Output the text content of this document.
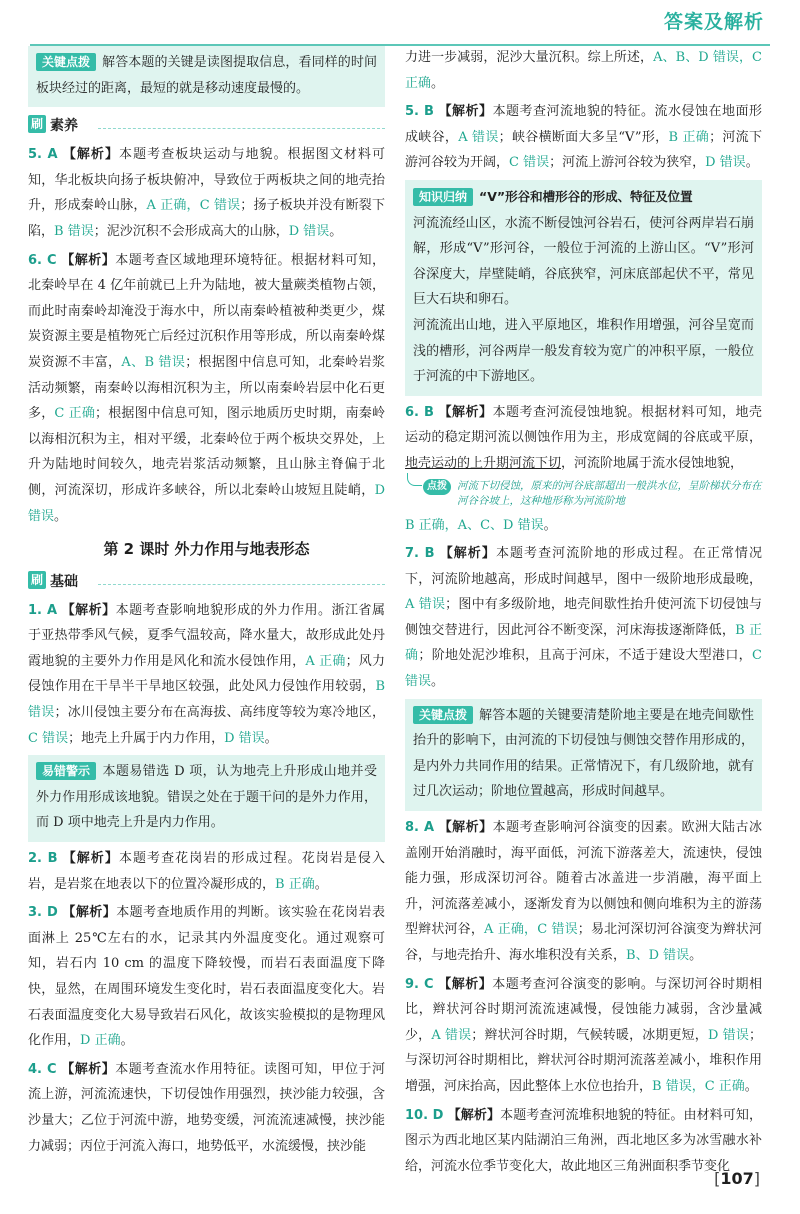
答案及解析

关键点拨 解答本题的关键是读图提取信息，看同样的时间板块经过的距离，最短的就是移动速度最慢的。

刷 素养

5. A 【解析】本题考查板块运动与地貌。根据图文材料可知，华北板块向扬子板块俯冲，导致位于两板块之间的地壳抬升，形成秦岭山脉，A 正确，C 错误；扬子板块并没有断裂下陷，B 错误；泥沙沉积不会形成高大的山脉，D 错误。

6. C 【解析】本题考查区域地理环境特征。根据材料可知，北秦岭早在 4 亿年前就已上升为陆地，被大量蕨类植物占领，而此时南秦岭却淹没于海水中，所以南秦岭植被种类更少，煤炭资源主要是植物死亡后经过沉积作用等形成，所以南秦岭煤炭资源不丰富，A、B 错误；根据图中信息可知，北秦岭岩浆活动频繁，南秦岭以海相沉积为主，所以南秦岭岩层中化石更多，C 正确；根据图中信息可知，图示地质历史时期，南秦岭以海相沉积为主，相对平缓，北秦岭位于两个板块交界处，上升为陆地时间较久，地壳岩浆活动频繁，且山脉主脊偏于北侧，河流深切，形成许多峡谷，所以北秦岭山坡短且陡峭，D 错误。

第 2 课时 外力作用与地表形态
刷 基础

1. A 【解析】本题考查影响地貌形成的外力作用。浙江省属于亚热带季风气候，夏季气温较高，降水量大，故形成此处丹霞地貌的主要外力作用是风化和流水侵蚀作用，A 正确；风力侵蚀作用在干旱半干旱地区较强，此处风力侵蚀作用较弱，B 错误；冰川侵蚀主要分布在高海拔、高纬度等较为寒冷地区，C 错误；地壳上升属于内力作用，D 错误。

易错警示 本题易错选 D 项，认为地壳上升形成山地并受外力作用形成该地貌。错误之处在于题干问的是外力作用，而 D 项中地壳上升是内力作用。

2. B 【解析】本题考查花岗岩的形成过程。花岗岩是侵入岩，是岩浆在地表以下的位置冷凝形成的，B 正确。

3. D 【解析】本题考查地质作用的判断。该实验在花岗岩表面淋上 25℃左右的水，记录其内外温度变化。通过观察可知，岩石内 10 cm 的温度下降较慢，而岩石表面温度下降快，显然，在周围环境发生变化时，岩石表面温度变化大。岩石表面温度变化大易导致岩石风化，故该实验模拟的是物理风化作用，D 正确。

4. C 【解析】本题考查流水作用特征。读图可知，甲位于河流上游，河流流速快，下切侵蚀作用强烈，挟沙能力较强，含沙量大；乙位于河流中游，地势变缓，河流流速减慢，挟沙能力减弱；丙位于河流入海口，地势低平，水流缓慢，挟沙能

力进一步减弱，泥沙大量沉积。综上所述，A、B、D 错误，C 正确。

5. B 【解析】本题考查河流地貌的特征。流水侵蚀在地面形成峡谷，A 错误；峡谷横断面大多呈“V”形，B 正确；河流下游河谷较为开阔，C 错误；河流上游河谷较为狭窄，D 错误。

知识归纳 “V”形谷和槽形谷的形成、特征及位置

河流流经山区，水流不断侵蚀河谷岩石，使河谷两岸岩石崩解，形成“V”形河谷，一般位于河流的上游山区。“V”形河谷深度大，岸壁陡峭，谷底狭窄，河床底部起伏不平，常见巨大石块和卵石。

河流流出山地，进入平原地区，堆积作用增强，河谷呈宽而浅的槽形，河谷两岸一般发育较为宽广的冲积平原，一般位于河流的中下游地区。

6. B 【解析】本题考查河流侵蚀地貌。根据材料可知，地壳运动的稳定期河流以侧蚀作用为主，形成宽阔的谷底或平原，地壳运动的上升期河流下切，河流阶地属于流水侵蚀地貌，

点拨 河流下切侵蚀，原来的河谷底部超出一般洪水位，呈阶梯状分布在河谷谷坡上，这种地形称为河流阶地

B 正确，A、C、D 错误。

7. B 【解析】本题考查河流阶地的形成过程。在正常情况下，河流阶地越高，形成时间越早，图中一级阶地形成最晚，A 错误；图中有多级阶地，地壳间歇性抬升使河流下切侵蚀与侧蚀交替进行，因此河谷不断变深，河床海拔逐渐降低，B 正确；阶地处泥沙堆积，且高于河床，不适于建设大型港口，C 错误。

关键点拨 解答本题的关键要清楚阶地主要是在地壳间歇性抬升的影响下，由河流的下切侵蚀与侧蚀交替作用形成的，是内外力共同作用的结果。正常情况下，有几级阶地，就有过几次运动；阶地位置越高，形成时间越早。

8. A 【解析】本题考查影响河谷演变的因素。欧洲大陆古冰盖刚开始消融时，海平面低，河流下游落差大，流速快，侵蚀能力强，形成深切河谷。随着古冰盖进一步消融，海平面上升，河流落差减小，逐渐发育为以侧蚀和侧向堆积为主的游荡型辫状河谷，A 正确，C 错误；易北河深切河谷演变为辫状河谷，与地壳抬升、海水堆积没有关系，B、D 错误。

9. C 【解析】本题考查河谷演变的影响。与深切河谷时期相比，辫状河谷时期河流流速减慢，侵蚀能力减弱，含沙量减少，A 错误；辫状河谷时期，气候转暖，冰期更短，D 错误；与深切河谷时期相比，辫状河谷时期河流落差减小，堆积作用增强，河床抬高，因此整体上水位也抬升，B 错误，C 正确。

10. D 【解析】本题考查河流堆积地貌的特征。由材料可知，图示为西北地区某内陆湖泊三角洲，西北地区多为冰雪融水补给，河流水位季节变化大，故此地区三角洲面积季节变化

[107]
